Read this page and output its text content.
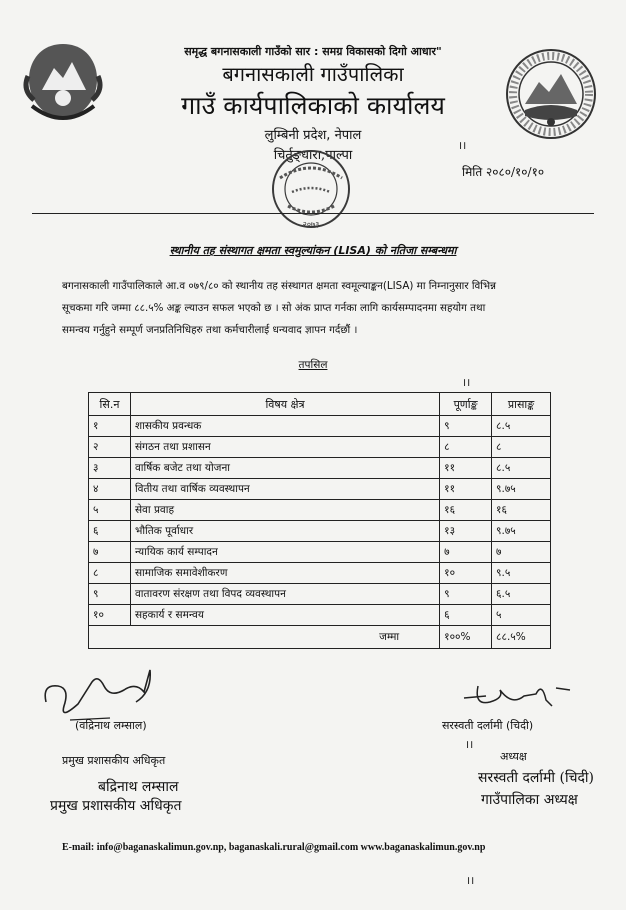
समृद्ध बगनासकाली गाउँको सार : समग्र विकासको दिगो आधार"
बगनासकाली गाउँपालिका
गाउँ कार्यपालिकाको कार्यालय
लुम्बिनी प्रदेश, नेपाल
चिर्तुङ्धारा,पाल्पा
।।
मिति २०८०/१०/१०
२०७३
स्थानीय तह संस्थागत क्षमता स्वमुल्यांकन (LISA) को नतिजा सम्बन्धमा
बगनासकाली गाउँपालिकाले आ.व ०७९/८० को स्थानीय तह संस्थागत क्षमता स्वमूल्याङ्कन(LISA) मा निम्नानुसार विभिन्न
सूचकमा गरि जम्मा ८८.५% अङ्क ल्याउन सफल भएको छ । सो अंक प्राप्त गर्नका लागि कार्यसम्पादनमा सहयोग तथा
समन्वय गर्नुहुने सम्पूर्ण जनप्रतिनिधिहरु तथा कर्मचारीलाई धन्यवाद ज्ञापन गर्दछौं ।
तपसिल
।।
सि.न	विषय क्षेत्र	पूर्णाङ्क	प्रासाङ्क
१	शासकीय प्रवन्धक	९	८.५
२	संगठन तथा प्रशासन	८	८
३	वार्षिक बजेट तथा योजना	११	८.५
४	वितीय तथा वार्षिक व्यवस्थापन	११	९.७५
५	सेवा प्रवाह	१६	१६
६	भौतिक पूर्वाधार	१३	९.७५
७	न्यायिक कार्य सम्पादन	७	७
८	सामाजिक समावेशीकरण	१०	९.५
९	वातावरण संरक्षण तथा विपद व्यवस्थापन	९	६.५
१०	सहकार्य र समन्वय	६	५
जम्मा		१००%	८८.५%
(वद्रिनाथ लम्साल)
प्रमुख प्रशासकीय अधिकृत
बद्रिनाथ लम्साल
प्रमुख प्रशासकीय अधिकृत
सरस्वती दर्लामी (चिदी)
।।
अध्यक्ष
सरस्वती दर्लामी (चिदी)
गाउँपालिका अध्यक्ष
E-mail: info@baganaskalimun.gov.np, baganaskali.rural@gmail.com www.baganaskalimun.gov.np
।।
